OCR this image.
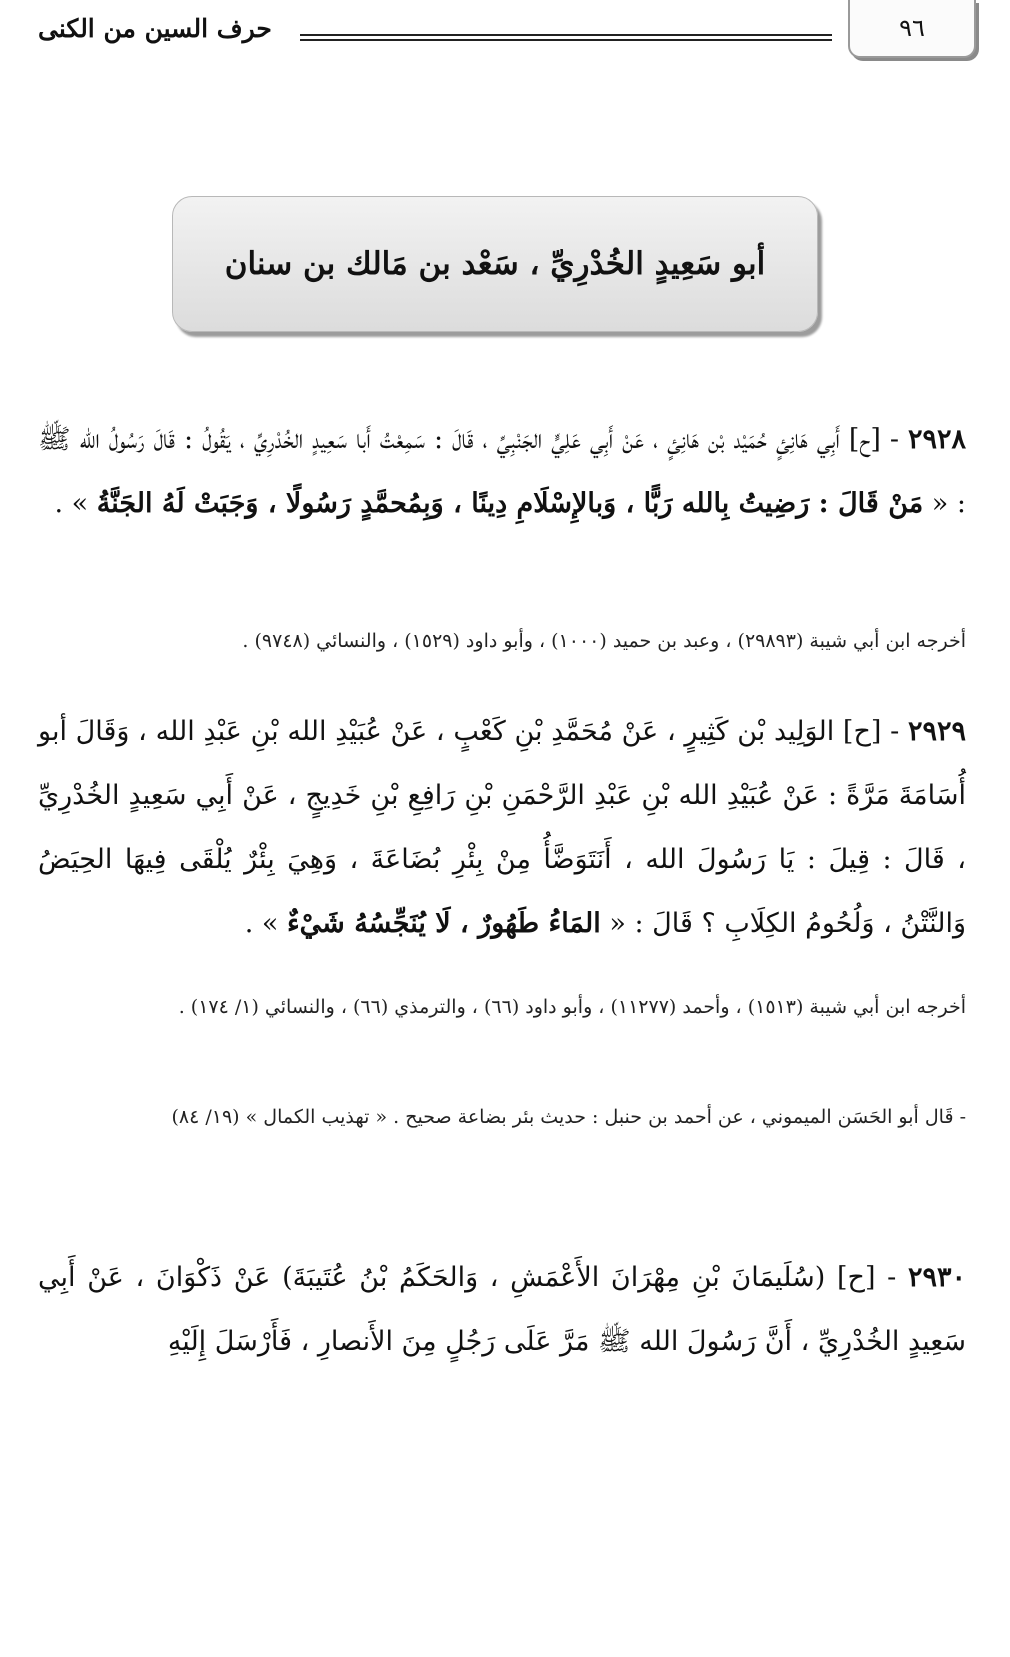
٩٦
حرف السين من الكنى
أبو سَعِيدٍ الخُدْرِيِّ ، سَعْد بن مَالك بن سنان
٢٩٢٨ - [ح] أَبِي هَانِئٍ حُمَيْد بْن هَانِئٍ ، عَنْ أَبِي عَلِيٍّ الجَنْبِيِّ ، قَالَ : سَمِعْتُ أَبا سَعِيدٍ الخُدْرِيِّ ، يَقُولُ : قَالَ رَسُولُ الله ﷺ : « مَنْ قَالَ : رَضِيتُ بِالله رَبًّا ، وَبالإِسْلَامِ دِينًا ، وَبِمُحمَّدٍ رَسُولًا ، وَجَبَتْ لَهُ الجَنَّةُ » .
أخرجه ابن أبي شيبة (٢٩٨٩٣) ، وعبد بن حميد (١٠٠٠) ، وأبو داود (١٥٢٩) ، والنسائي (٩٧٤٨) .
٢٩٢٩ - [ح] الوَلِيد بْن كَثِيرٍ ، عَنْ مُحَمَّدِ بْنِ كَعْبٍ ، عَنْ عُبَيْدِ الله بْنِ عَبْدِ الله ، وَقَالَ أبو أُسَامَةَ مَرَّةً : عَنْ عُبَيْدِ الله بْنِ عَبْدِ الرَّحْمَنِ بْنِ رَافِعِ بْنِ خَدِيجٍ ، عَنْ أَبِي سَعِيدٍ الخُدْرِيِّ ، قَالَ : قِيلَ : يَا رَسُولَ الله ، أَنَتَوَضَّأُ مِنْ بِئْرِ بُضَاعَةَ ، وَهِيَ بِئْرٌ يُلْقَى فِيهَا الحِيَضُ وَالنَّتْنُ ، وَلُحُومُ الكِلَابِ ؟ قَالَ : « المَاءُ طَهُورٌ ، لَا يُنَجِّسُهُ شَيْءٌ » .
أخرجه ابن أبي شيبة (١٥١٣) ، وأحمد (١١٢٧٧) ، وأبو داود (٦٦) ، والترمذي (٦٦) ، والنسائي (١/ ١٧٤) .
- قَال أبو الحَسَن الميموني ، عن أحمد بن حنبل : حديث بئر بضاعة صحيح . « تهذيب الكمال » (١٩/ ٨٤)
٢٩٣٠ - [ح] (سُلَيمَانَ بْنِ مِهْرَانَ الأَعْمَشِ ، وَالحَكَمُ بْنُ عُتَيبَةَ) عَنْ ذَكْوَانَ ، عَنْ أَبِي سَعِيدٍ الخُدْرِيِّ ، أَنَّ رَسُولَ الله ﷺ مَرَّ عَلَى رَجُلٍ مِنَ الأَنصارِ ، فَأَرْسَلَ إِلَيْهِ
